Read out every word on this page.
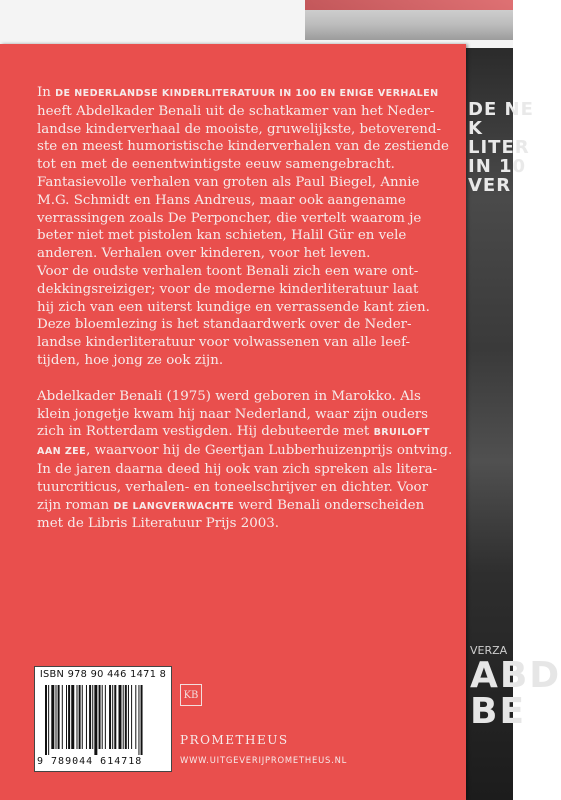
DE NE
K
LITER
IN 10
VER
VERZA
ABD
BE

In DE NEDERLANDSE KINDERLITERATUUR IN 100 EN ENIGE VERHALEN
heeft Abdelkader Benali uit de schatkamer van het Neder-
landse kinderverhaal de mooiste, gruwelijkste, betoverend-
ste en meest humoristische kinderverhalen van de zestiende
tot en met de eenentwintigste eeuw samengebracht.
Fantasievolle verhalen van groten als Paul Biegel, Annie
M.G. Schmidt en Hans Andreus, maar ook aangename
verrassingen zoals De Perponcher, die vertelt waarom je
beter niet met pistolen kan schieten, Halil Gür en vele
anderen. Verhalen over kinderen, voor het leven.
Voor de oudste verhalen toont Benali zich een ware ont-
dekkingsreiziger; voor de moderne kinderliteratuur laat
hij zich van een uiterst kundige en verrassende kant zien.
Deze bloemlezing is het standaardwerk over de Neder-
landse kinderliteratuur voor volwassenen van alle leef-
tijden, hoe jong ze ook zijn.

Abdelkader Benali (1975) werd geboren in Marokko. Als
klein jongetje kwam hij naar Nederland, waar zijn ouders
zich in Rotterdam vestigden. Hij debuteerde met BRUILOFT
AAN ZEE, waarvoor hij de Geertjan Lubberhuizenprijs ontving.
In de jaren daarna deed hij ook van zich spreken als litera-
tuurcriticus, verhalen- en toneelschrijver en dichter. Voor
zijn roman DE LANGVERWACHTE werd Benali onderscheiden
met de Libris Literatuur Prijs 2003.

ISBN 978 90 446 1471 8
9 789044 614718
KB
PROMETHEUS
WWW.UITGEVERIJPROMETHEUS.NL
